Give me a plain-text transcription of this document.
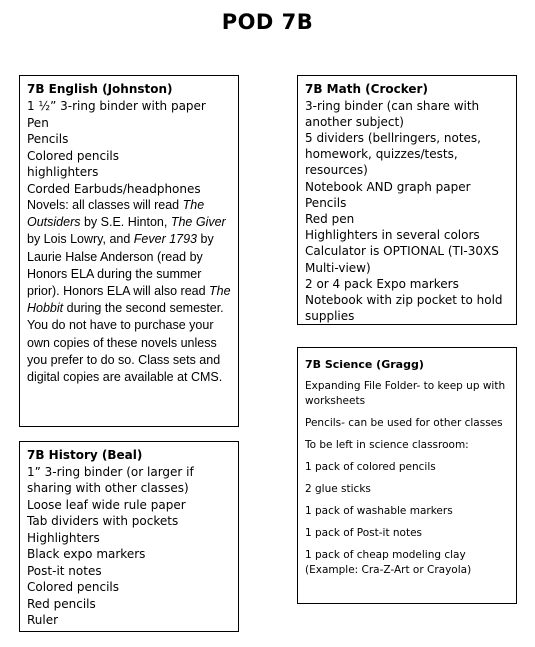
POD 7B
7B English (Johnston)

1 ½” 3-ring binder with paper

Pen

Pencils

Colored pencils

highlighters

Corded Earbuds/headphones

Novels: all classes will read The Outsiders by S.E. Hinton, The Giver by Lois Lowry, and Fever 1793 by Laurie Halse Anderson (read by Honors ELA during the summer prior). Honors ELA will also read The Hobbit during the second semester. You do not have to purchase your own copies of these novels unless you prefer to do so. Class sets and digital copies are available at CMS.

7B History (Beal)

1” 3-ring binder (or larger if sharing with other classes)

Loose leaf wide rule paper

Tab dividers with pockets

Highlighters

Black expo markers

Post-it notes

Colored pencils

Red pencils

Ruler

7B Math (Crocker)

3-ring binder (can share with another subject)

5 dividers (bellringers, notes, homework, quizzes/tests, resources)

Notebook AND graph paper

Pencils

Red pen

Highlighters in several colors

Calculator is OPTIONAL (TI-30XS Multi-view)

2 or 4 pack Expo markers

Notebook with zip pocket to hold supplies

7B Science (Gragg)

Expanding File Folder- to keep up with worksheets

Pencils- can be used for other classes

To be left in science classroom:

1 pack of colored pencils

2 glue sticks

1 pack of washable markers

1 pack of Post-it notes

1 pack of cheap modeling clay (Example: Cra-Z-Art or Crayola)
